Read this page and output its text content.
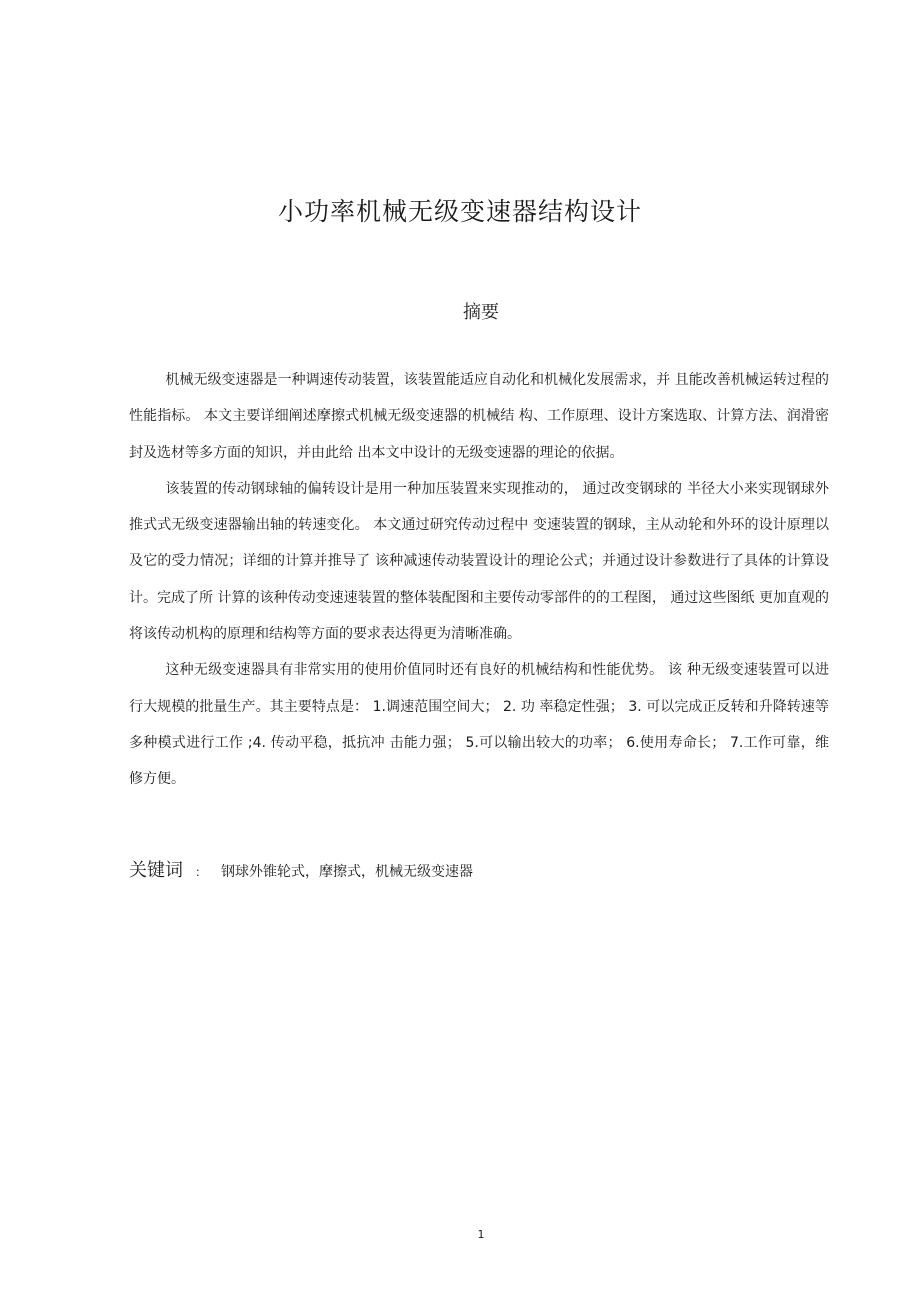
小功率机械无级变速器结构设计
摘要

机械无级变速器是一种调速传动装置，该装置能适应自动化和机械化发展需求，并 且能改善机械运转过程的性能指标。 本文主要详细阐述摩擦式机械无级变速器的机械结 构、工作原理、设计方案选取、计算方法、润滑密封及选材等多方面的知识，并由此给 出本文中设计的无级变速器的理论的依据。

该装置的传动钢球轴的偏转设计是用一种加压装置来实现推动的， 通过改变钢球的 半径大小来实现钢球外推式式无级变速器输出轴的转速变化。 本文通过研究传动过程中 变速装置的钢球，主从动轮和外环的设计原理以及它的受力情况；详细的计算并推导了 该种减速传动装置设计的理论公式；并通过设计参数进行了具体的计算设计。完成了所 计算的该种传动变速速装置的整体装配图和主要传动零部件的的工程图， 通过这些图纸 更加直观的将该传动机构的原理和结构等方面的要求表达得更为清晰准确。

这种无级变速器具有非常实用的使用价值同时还有良好的机械结构和性能优势。 该 种无级变速装置可以进行大规模的批量生产。其主要特点是： 1.调速范围空间大； 2. 功 率稳定性强； 3. 可以完成正反转和升降转速等多种模式进行工作 ;4. 传动平稳，抵抗冲 击能力强； 5.可以输出较大的功率； 6.使用寿命长； 7.工作可靠，维修方便。

关键词 ： 钢球外锥轮式，摩擦式，机械无级变速器
1
